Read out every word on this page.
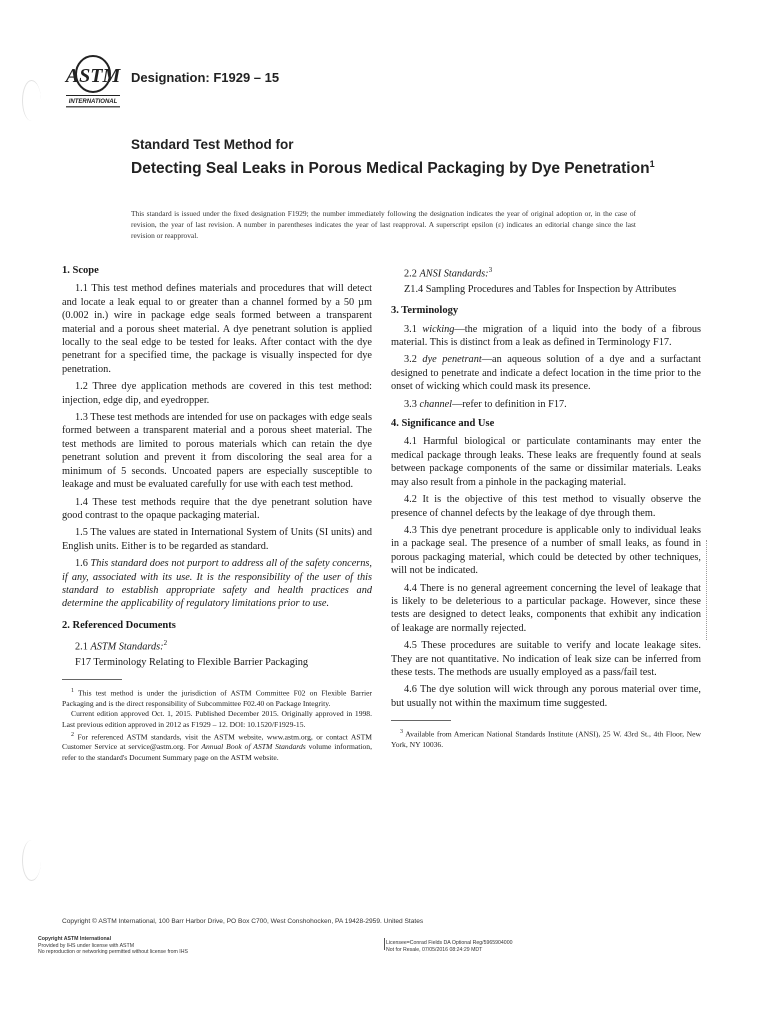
ASTM
INTERNATIONAL
Designation: F1929 – 15
Standard Test Method for
Detecting Seal Leaks in Porous Medical Packaging by Dye Penetration$^1$
This standard is issued under the fixed designation F1929; the number immediately following the designation indicates the year of original adoption or, in the case of revision, the year of last revision. A number in parentheses indicates the year of last reapproval. A superscript epsilon (ε) indicates an editorial change since the last revision or reapproval.
1. Scope

1.1 This test method defines materials and procedures that will detect and locate a leak equal to or greater than a channel formed by a 50 µm (0.002 in.) wire in package edge seals formed between a transparent material and a porous sheet material. A dye penetrant solution is applied locally to the seal edge to be tested for leaks. After contact with the dye penetrant for a specified time, the package is visually inspected for dye penetration.

1.2 Three dye application methods are covered in this test method: injection, edge dip, and eyedropper.

1.3 These test methods are intended for use on packages with edge seals formed between a transparent material and a porous sheet material. The test methods are limited to porous materials which can retain the dye penetrant solution and prevent it from discoloring the seal area for a minimum of 5 seconds. Uncoated papers are especially susceptible to leakage and must be evaluated carefully for use with each test method.

1.4 These test methods require that the dye penetrant solution have good contrast to the opaque packaging material.

1.5 The values are stated in International System of Units (SI units) and English units. Either is to be regarded as standard.

1.6 This standard does not purport to address all of the safety concerns, if any, associated with its use. It is the responsibility of the user of this standard to establish appropriate safety and health practices and determine the applicability of regulatory limitations prior to use.

2. Referenced Documents

2.1 ASTM Standards:$^2$

F17 Terminology Relating to Flexible Barrier Packaging

$^1$ This test method is under the jurisdiction of ASTM Committee F02 on Flexible Barrier Packaging and is the direct responsibility of Subcommittee F02.40 on Package Integrity.

Current edition approved Oct. 1, 2015. Published December 2015. Originally approved in 1998. Last previous edition approved in 2012 as F1929 – 12. DOI: 10.1520/F1929-15.

$^2$ For referenced ASTM standards, visit the ASTM website, www.astm.org, or contact ASTM Customer Service at service@astm.org. For Annual Book of ASTM Standards volume information, refer to the standard's Document Summary page on the ASTM website.

2.2 ANSI Standards:$^3$

Z1.4 Sampling Procedures and Tables for Inspection by Attributes

3. Terminology

3.1 wicking—the migration of a liquid into the body of a fibrous material. This is distinct from a leak as defined in Terminology F17.

3.2 dye penetrant—an aqueous solution of a dye and a surfactant designed to penetrate and indicate a defect location in the time prior to the onset of wicking which could mask its presence.

3.3 channel—refer to definition in F17.

4. Significance and Use

4.1 Harmful biological or particulate contaminants may enter the medical package through leaks. These leaks are frequently found at seals between package components of the same or dissimilar materials. Leaks may also result from a pinhole in the packaging material.

4.2 It is the objective of this test method to visually observe the presence of channel defects by the leakage of dye through them.

4.3 This dye penetrant procedure is applicable only to individual leaks in a package seal. The presence of a number of small leaks, as found in porous packaging material, which could be detected by other techniques, will not be indicated.

4.4 There is no general agreement concerning the level of leakage that is likely to be deleterious to a particular package. However, since these tests are designed to detect leaks, components that exhibit any indication of leakage are normally rejected.

4.5 These procedures are suitable to verify and locate leakage sites. They are not quantitative. No indication of leak size can be inferred from these tests. The methods are usually employed as a pass/fail test.

4.6 The dye solution will wick through any porous material over time, but usually not within the maximum time suggested.

$^3$ Available from American National Standards Institute (ANSI), 25 W. 43rd St., 4th Floor, New York, NY 10036.

Copyright © ASTM International, 100 Barr Harbor Drive, PO Box C700, West Conshohocken, PA 19428-2959. United States
Copyright ASTM International
Provided by IHS under license with ASTM
No reproduction or networking permitted without license from IHS
Licensee=Conrad Fields DA Optional Reg/5965904000
Not for Resale, 07/05/2016 08:24:29 MDT
